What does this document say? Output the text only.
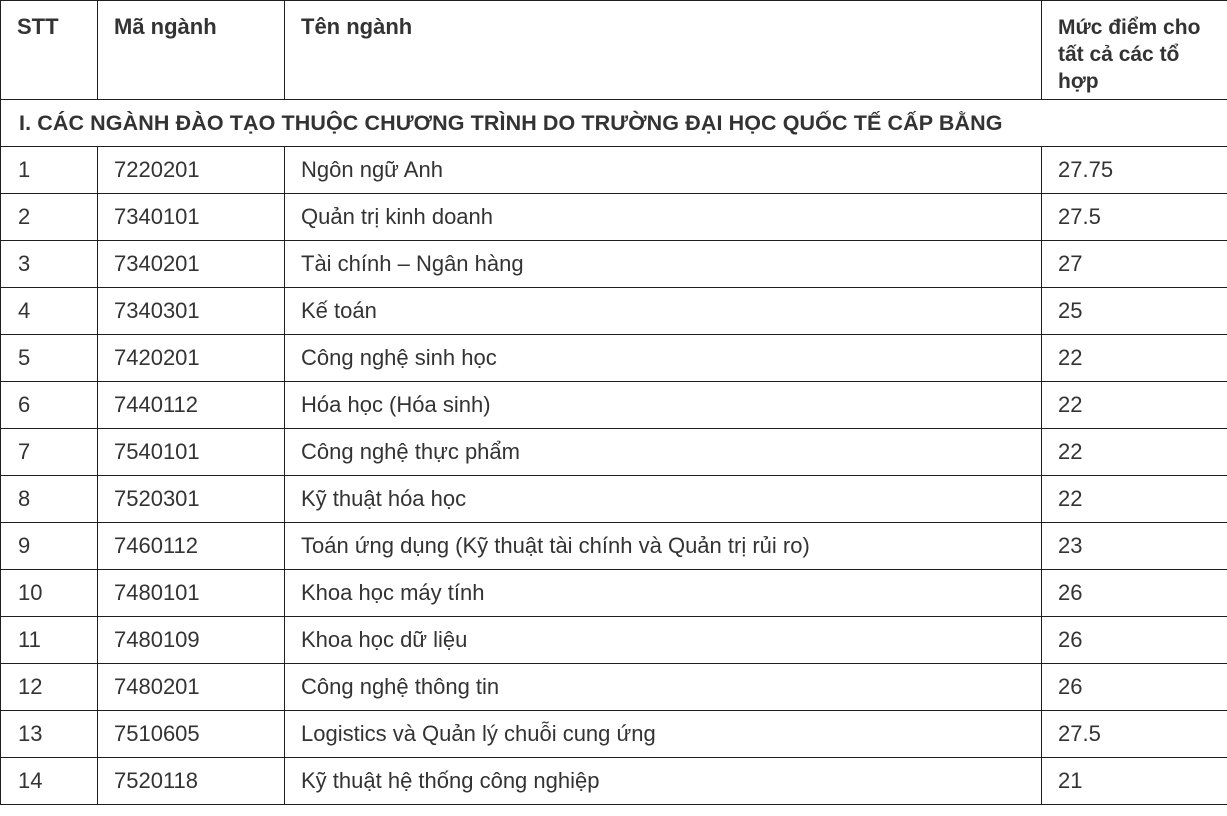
STT	Mã ngành	Tên ngành	Mức điểm cho tất cả các tổ hợp
I. CÁC NGÀNH ĐÀO TẠO THUỘC CHƯƠNG TRÌNH DO TRƯỜNG ĐẠI HỌC QUỐC TẾ CẤP BẰNG			
1	7220201	Ngôn ngữ Anh	27.75
2	7340101	Quản trị kinh doanh	27.5
3	7340201	Tài chính – Ngân hàng	27
4	7340301	Kế toán	25
5	7420201	Công nghệ sinh học	22
6	7440112	Hóa học (Hóa sinh)	22
7	7540101	Công nghệ thực phẩm	22
8	7520301	Kỹ thuật hóa học	22
9	7460112	Toán ứng dụng (Kỹ thuật tài chính và Quản trị rủi ro)	23
10	7480101	Khoa học máy tính	26
11	7480109	Khoa học dữ liệu	26
12	7480201	Công nghệ thông tin	26
13	7510605	Logistics và Quản lý chuỗi cung ứng	27.5
14	7520118	Kỹ thuật hệ thống công nghiệp	21
